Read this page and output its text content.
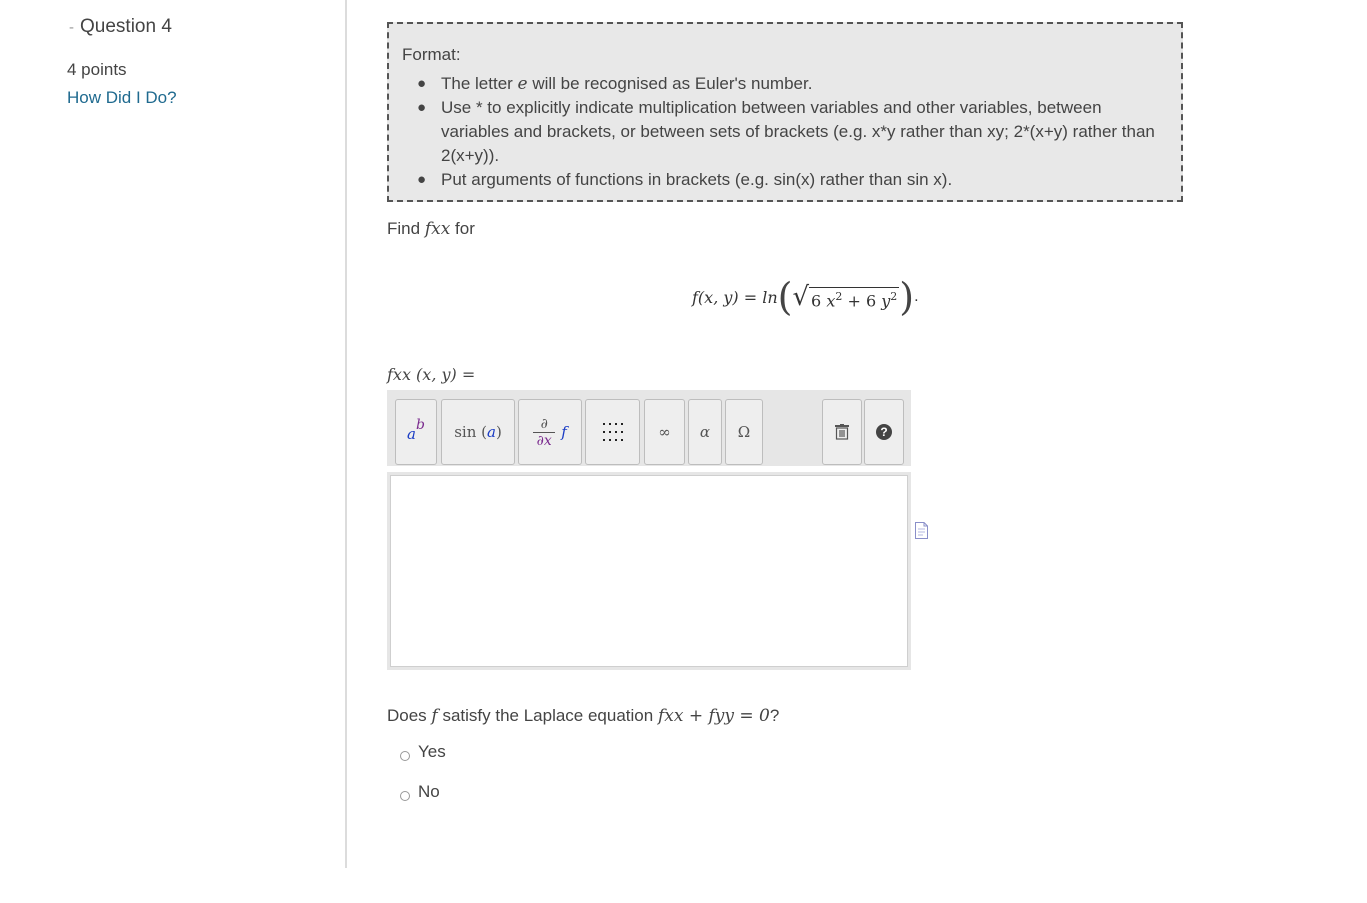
- Question 4
4 points
How Did I Do?
Format:
● The letter e will be recognised as Euler's number.
● Use * to explicitly indicate multiplication between variables and other variables, between variables and brackets, or between sets of brackets (e.g. x*y rather than xy; 2*(x+y) rather than 2(x+y)).
● Put arguments of functions in brackets (e.g. sin(x) rather than sin x).
Find fxx for
f(x, y) = ln ( √ 6 $x^2 + 6$ $y^2$ ) .
fxx (x, y) =
$a^b$ sin (a)	∂
∂x f	∞ α Ω	?
Does f satisfy the Laplace equation fxx + fyy = 0?
Yes
No
